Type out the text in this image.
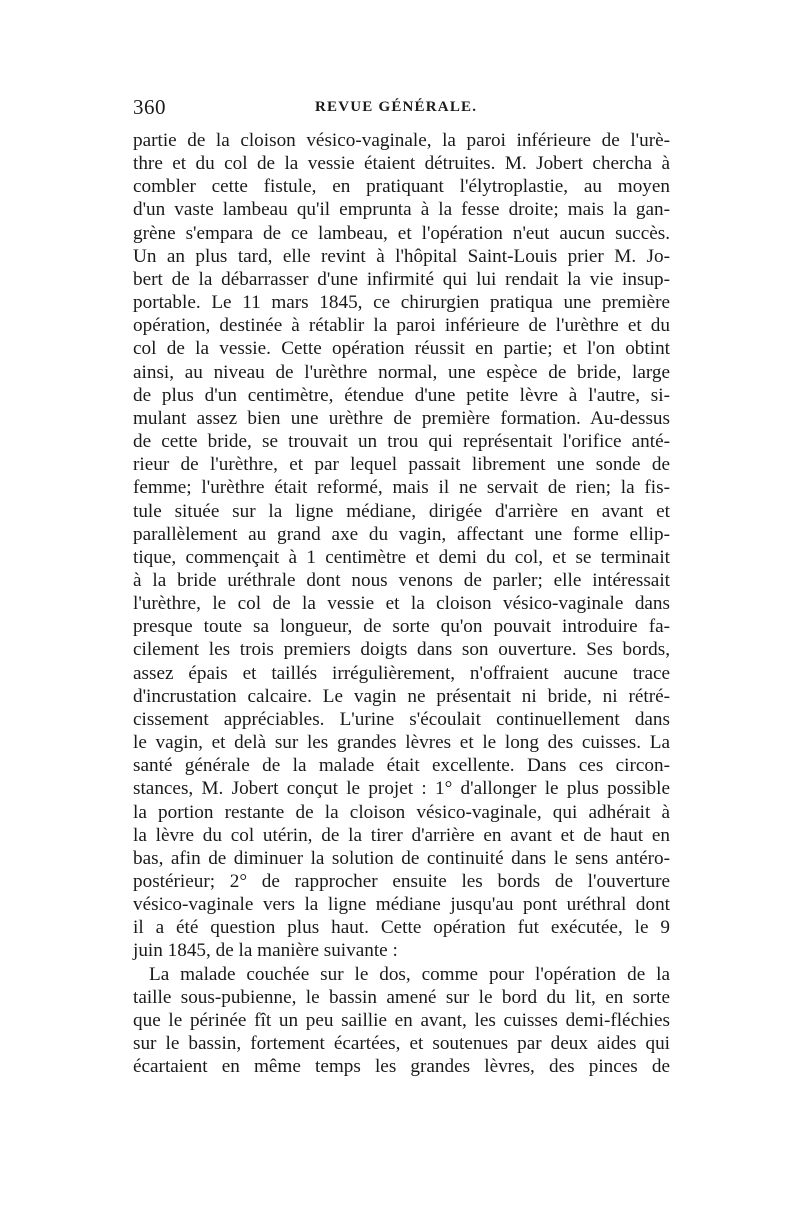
360	REVUE GÉNÉRALE.
partie de la cloison vésico-vaginale, la paroi inférieure de l'urè-
thre et du col de la vessie étaient détruites. M. Jobert chercha à
combler cette fistule, en pratiquant l'élytroplastie, au moyen
d'un vaste lambeau qu'il emprunta à la fesse droite; mais la gan-
grène s'empara de ce lambeau, et l'opération n'eut aucun succès.
Un an plus tard, elle revint à l'hôpital Saint-Louis prier M. Jo-
bert de la débarrasser d'une infirmité qui lui rendait la vie insup-
portable. Le 11 mars 1845, ce chirurgien pratiqua une première
opération, destinée à rétablir la paroi inférieure de l'urèthre et du
col de la vessie. Cette opération réussit en partie; et l'on obtint
ainsi, au niveau de l'urèthre normal, une espèce de bride, large
de plus d'un centimètre, étendue d'une petite lèvre à l'autre, si-
mulant assez bien une urèthre de première formation. Au-dessus
de cette bride, se trouvait un trou qui représentait l'orifice anté-
rieur de l'urèthre, et par lequel passait librement une sonde de
femme; l'urèthre était reformé, mais il ne servait de rien; la fis-
tule située sur la ligne médiane, dirigée d'arrière en avant et
parallèlement au grand axe du vagin, affectant une forme ellip-
tique, commençait à 1 centimètre et demi du col, et se terminait
à la bride uréthrale dont nous venons de parler; elle intéressait
l'urèthre, le col de la vessie et la cloison vésico-vaginale dans
presque toute sa longueur, de sorte qu'on pouvait introduire fa-
cilement les trois premiers doigts dans son ouverture. Ses bords,
assez épais et taillés irrégulièrement, n'offraient aucune trace
d'incrustation calcaire. Le vagin ne présentait ni bride, ni rétré-
cissement appréciables. L'urine s'écoulait continuellement dans
le vagin, et delà sur les grandes lèvres et le long des cuisses. La
santé générale de la malade était excellente. Dans ces circon-
stances, M. Jobert conçut le projet : 1° d'allonger le plus possible
la portion restante de la cloison vésico-vaginale, qui adhérait à
la lèvre du col utérin, de la tirer d'arrière en avant et de haut en
bas, afin de diminuer la solution de continuité dans le sens antéro-
postérieur; 2° de rapprocher ensuite les bords de l'ouverture
vésico-vaginale vers la ligne médiane jusqu'au pont uréthral dont
il a été question plus haut. Cette opération fut exécutée, le 9
juin 1845, de la manière suivante :
La malade couchée sur le dos, comme pour l'opération de la
taille sous-pubienne, le bassin amené sur le bord du lit, en sorte
que le périnée fît un peu saillie en avant, les cuisses demi-fléchies
sur le bassin, fortement écartées, et soutenues par deux aides qui
écartaient en même temps les grandes lèvres, des pinces de
